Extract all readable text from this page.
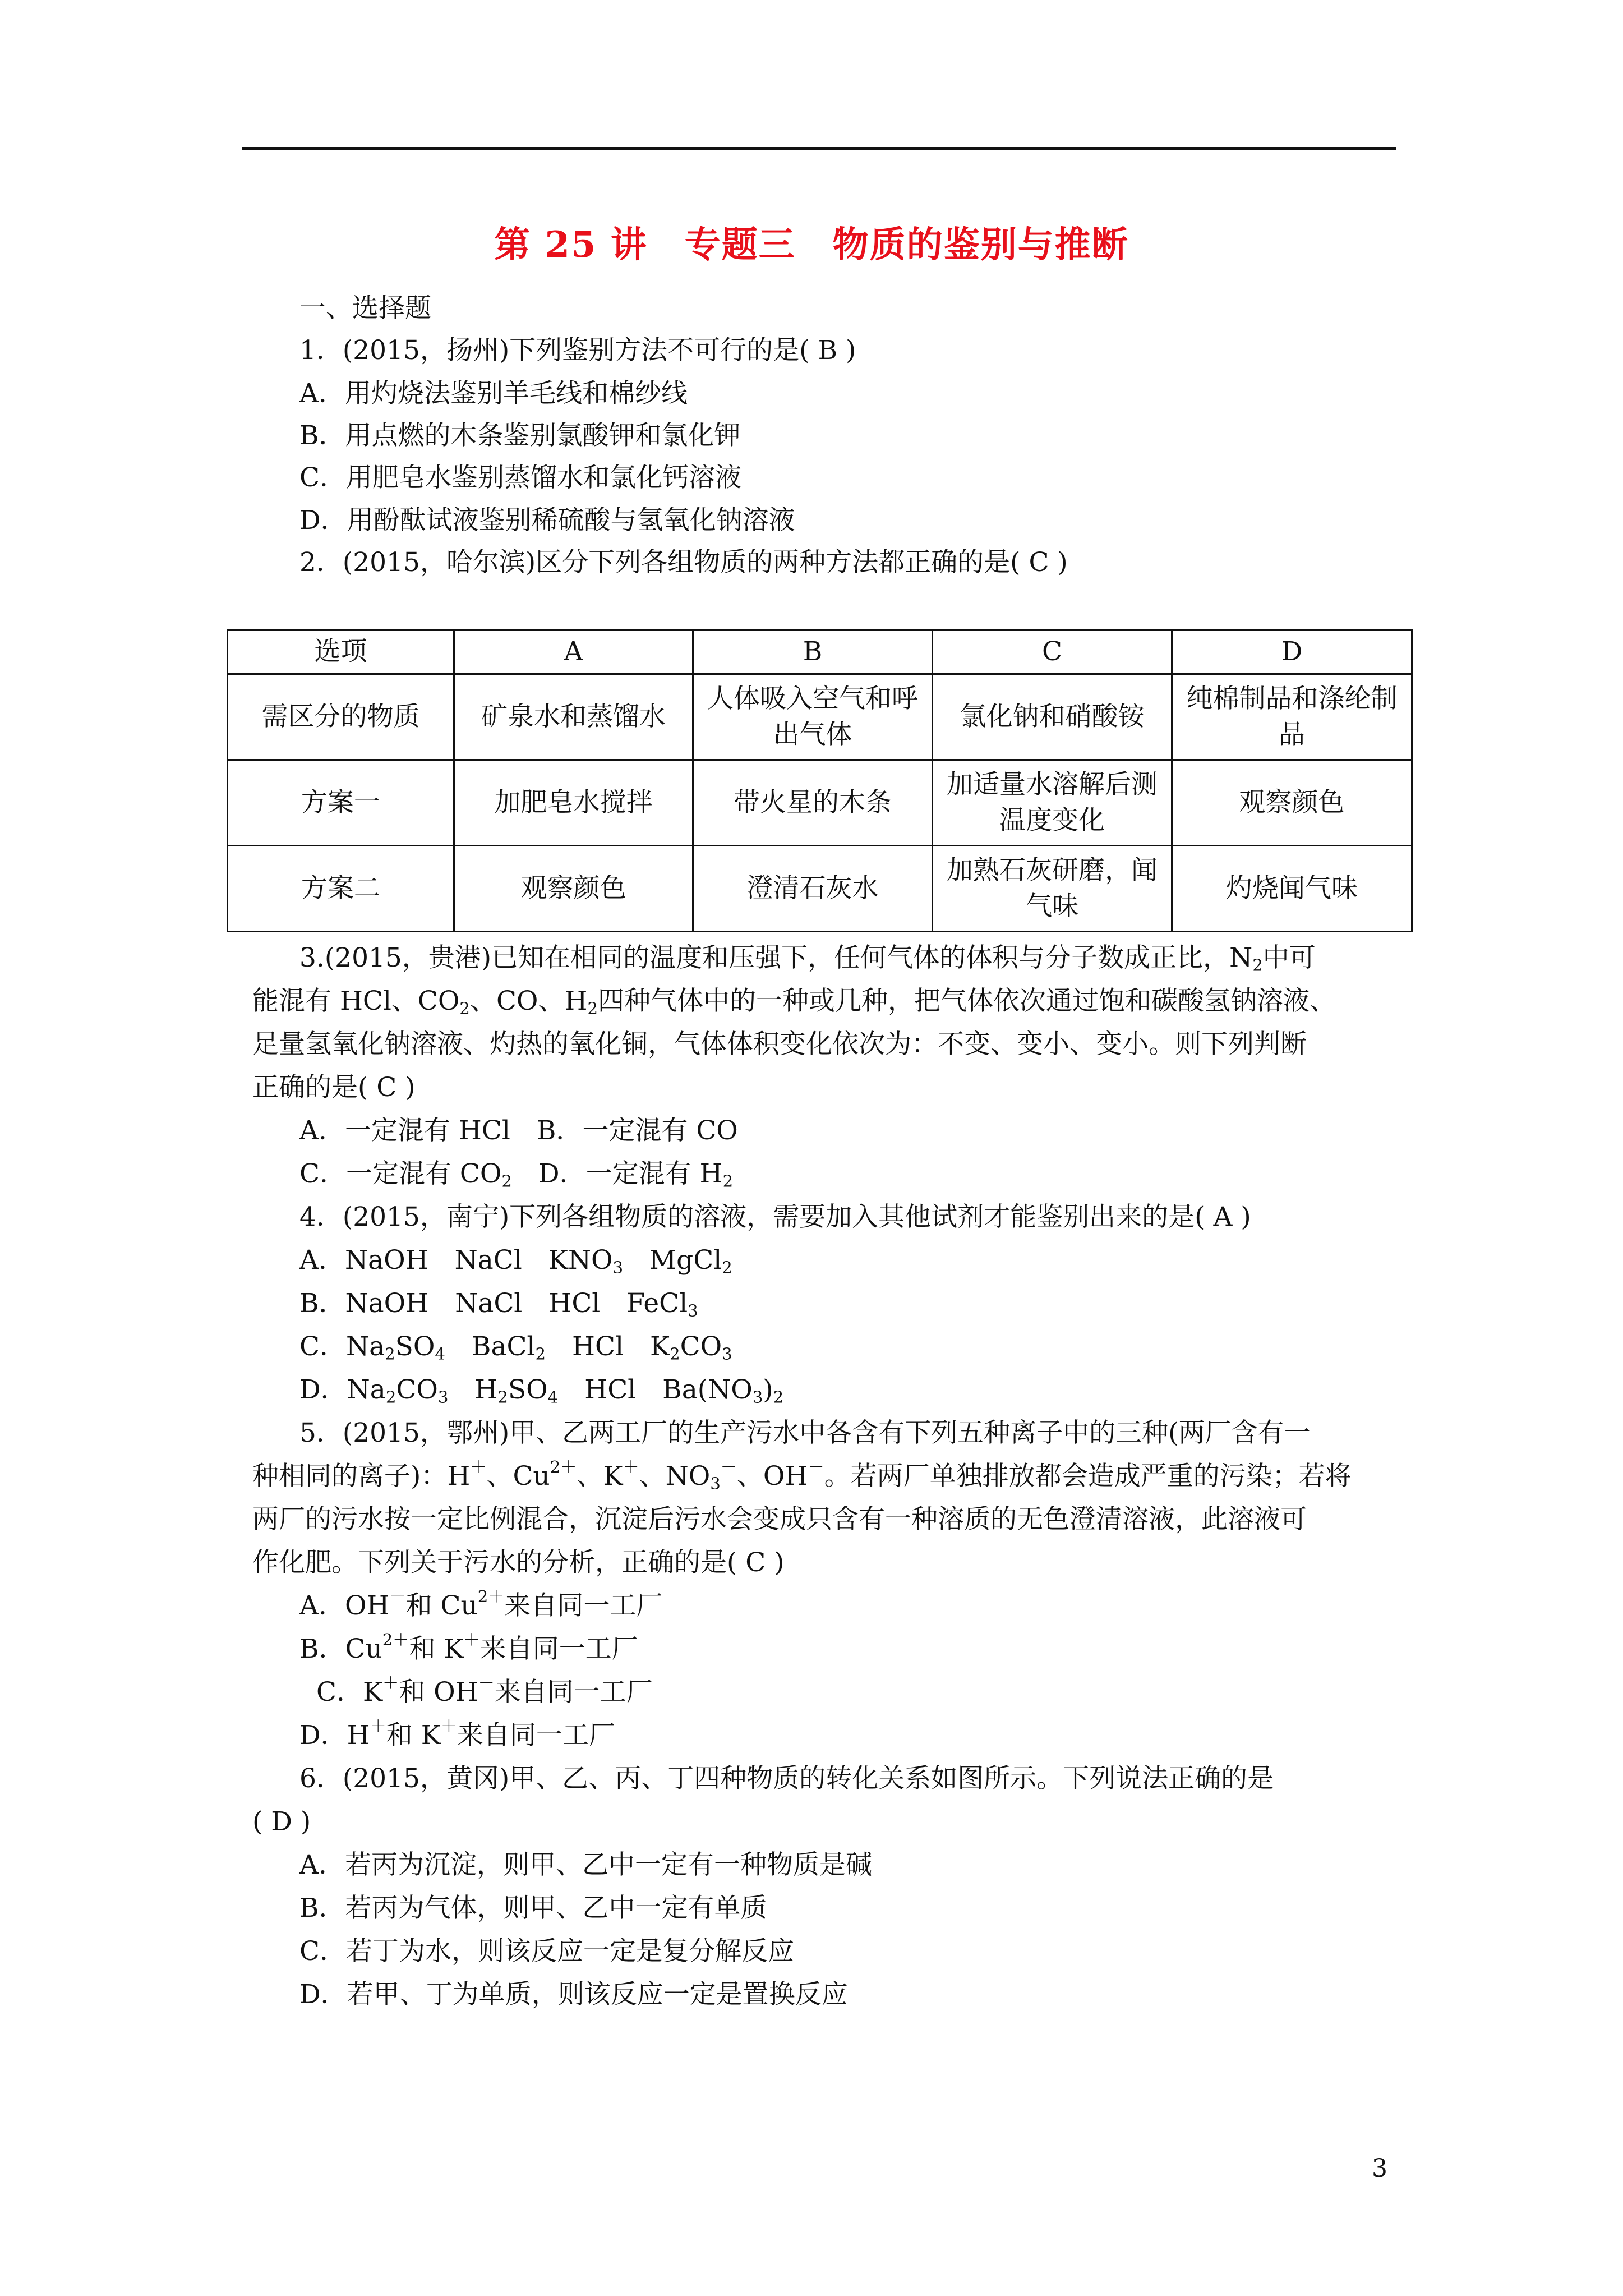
第 25 讲　专题三　物质的鉴别与推断
一、选择题
1．(2015，扬州)下列鉴别方法不可行的是( B )
A．用灼烧法鉴别羊毛线和棉纱线
B．用点燃的木条鉴别氯酸钾和氯化钾
C．用肥皂水鉴别蒸馏水和氯化钙溶液
D．用酚酞试液鉴别稀硫酸与氢氧化钠溶液
2．(2015，哈尔滨)区分下列各组物质的两种方法都正确的是( C )
选项	A	B	C	D
需区分的物质	矿泉水和蒸馏水	人体吸入空气和呼出气体	氯化钠和硝酸铵	纯棉制品和涤纶制品
方案一	加肥皂水搅拌	带火星的木条	加适量水溶解后测温度变化	观察颜色
方案二	观察颜色	澄清石灰水	加熟石灰研磨，闻气味	灼烧闻气味
3.(2015，贵港)已知在相同的温度和压强下，任何气体的体积与分子数成正比，$N_2$中可
能混有 HCl、$CO_2$、CO、$H_2$四种气体中的一种或几种，把气体依次通过饱和碳酸氢钠溶液、
足量氢氧化钠溶液、灼热的氧化铜，气体体积变化依次为：不变、变小、变小。则下列判断
正确的是( C )
A．一定混有 HCl　B．一定混有 CO
C．一定混有 $CO_2$　D．一定混有 $H_2$
4．(2015，南宁)下列各组物质的溶液，需要加入其他试剂才能鉴别出来的是( A )
A．NaOH　NaCl　$KNO_3$　MgCl$_2$
B．NaOH　NaCl　HCl　FeCl$_3$
C．$Na_2SO_4$　BaCl$_2$　HCl　$K_2CO_3$
D．$Na_2CO_3$　$H_2SO_4$　HCl　$Ba(NO_3)_2$
5．(2015，鄂州)甲、乙两工厂的生产污水中各含有下列五种离子中的三种(两厂含有一
种相同的离子)：H＋、$Cu^{2+}$、K＋、$NO_3^-$、OH－。若两厂单独排放都会造成严重的污染；若将
两厂的污水按一定比例混合，沉淀后污水会变成只含有一种溶质的无色澄清溶液，此溶液可
作化肥。下列关于污水的分析，正确的是( C )
A．OH－和 $Cu^{2+}$来自同一工厂
B．$Cu^{2+}$和 K＋来自同一工厂
C．K＋和 OH－来自同一工厂
D．H＋和 K＋来自同一工厂
6．(2015，黄冈)甲、乙、丙、丁四种物质的转化关系如图所示。下列说法正确的是
( D )
A．若丙为沉淀，则甲、乙中一定有一种物质是碱
B．若丙为气体，则甲、乙中一定有单质
C．若丁为水，则该反应一定是复分解反应
D．若甲、丁为单质，则该反应一定是置换反应
3
